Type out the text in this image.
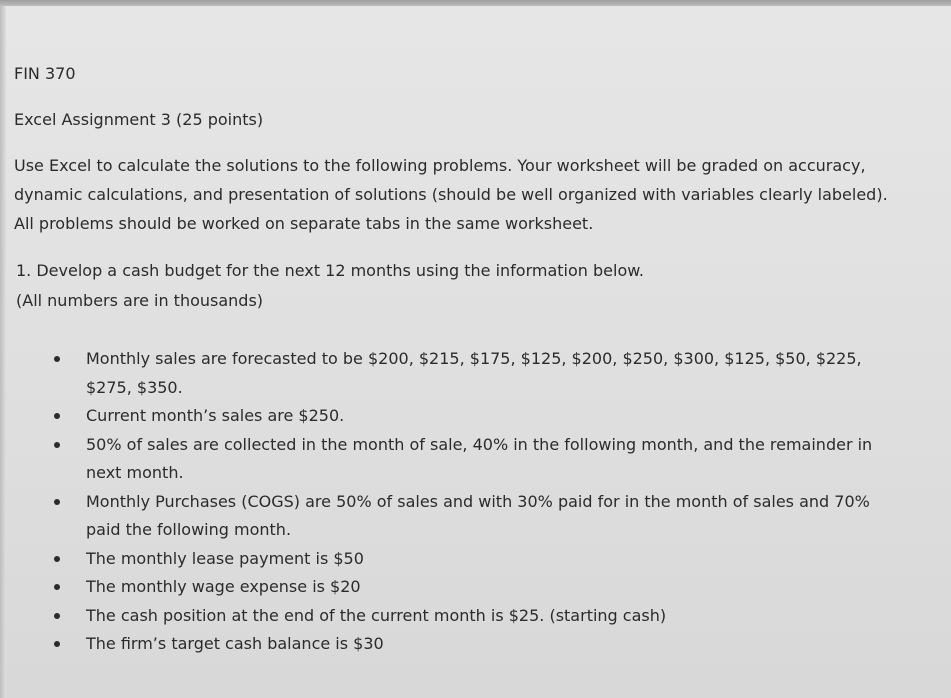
FIN 370
Excel Assignment 3 (25 points)

Use Excel to calculate the solutions to the following problems. Your worksheet will be graded on accuracy, dynamic calculations, and presentation of solutions (should be well organized with variables clearly labeled). All problems should be worked on separate tabs in the same worksheet.

1. Develop a cash budget for the next 12 months using the information below.
(All numbers are in thousands)
Monthly sales are forecasted to be $200, $215, $175, $125, $200, $250, $300, $125, $50, $225, $275, $350.
Current month’s sales are $250.
50% of sales are collected in the month of sale, 40% in the following month, and the remainder in next month.
Monthly Purchases (COGS) are 50% of sales and with 30% paid for in the month of sales and 70% paid the following month.
The monthly lease payment is $50
The monthly wage expense is $20
The cash position at the end of the current month is $25. (starting cash)
The firm’s target cash balance is $30
